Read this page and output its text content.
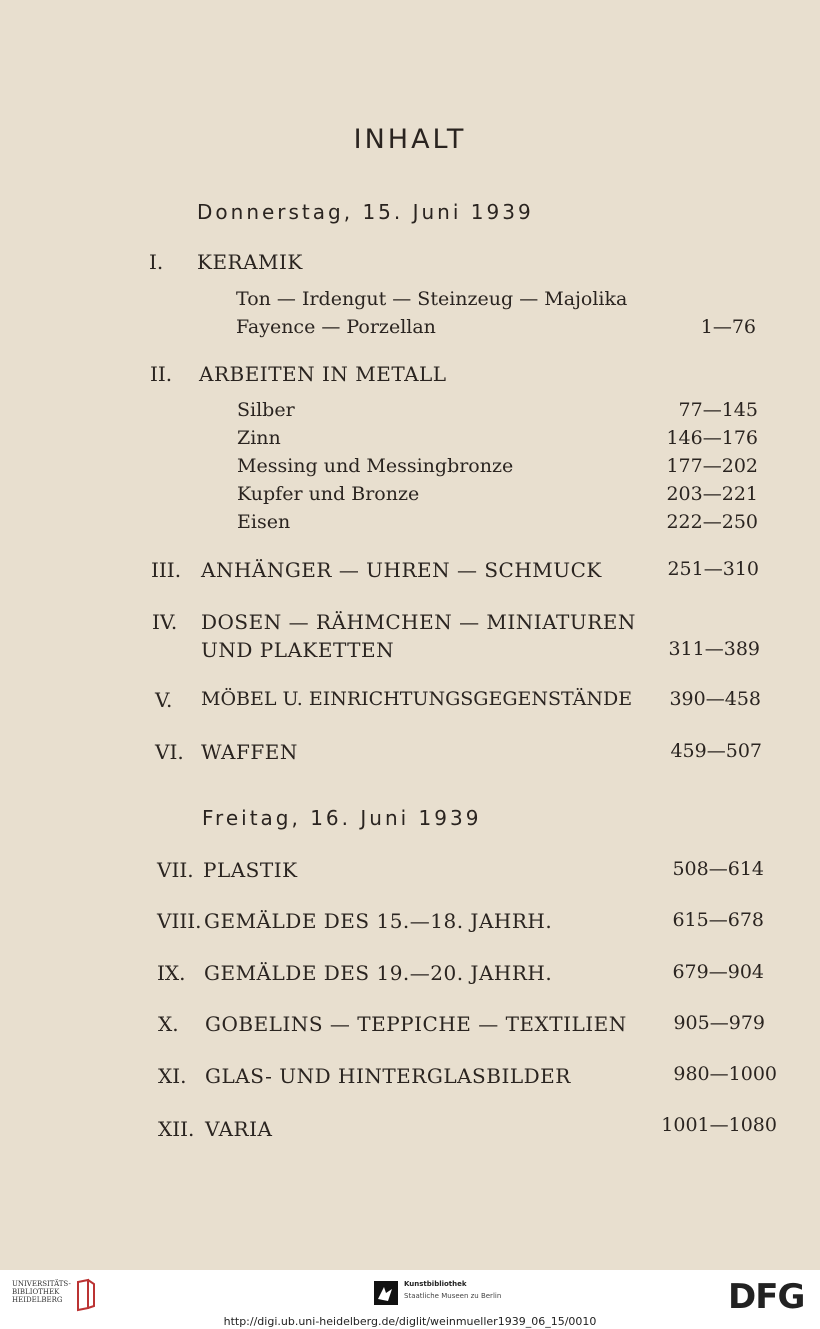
INHALT
Donnerstag, 15. Juni 1939
I. KERAMIK
Ton — Irdengut — Steinzeug — Majolika
Fayence — Porzellan	1—76
II. ARBEITEN IN METALL
Silber	77—145
Zinn	146—176
Messing und Messingbronze	177—202
Kupfer und Bronze	203—221
Eisen	222—250
III. ANHÄNGER — UHREN — SCHMUCK	251—310
IV. DOSEN — RÄHMCHEN — MINIATUREN
UND PLAKETTEN	311—389
V. MÖBEL U. EINRICHTUNGSGEGENSTÄNDE	390—458
VI. WAFFEN	459—507
Freitag, 16. Juni 1939
VII. PLASTIK	508—614
VIII. GEMÄLDE DES 15.—18. JAHRH.	615—678
IX. GEMÄLDE DES 19.—20. JAHRH.	679—904
X. GOBELINS — TEPPICHE — TEXTILIEN	905—979
XI. GLAS- UND HINTERGLASBILDER	980—1000
XII. VARIA	1001—1080
UNIVERSITÄTS-
BIBLIOTHEK
HEIDELBERG
Kunstbibliothek
Staatliche Museen zu Berlin	DFG
http://digi.ub.uni-heidelberg.de/diglit/weinmueller1939_06_15/0010
